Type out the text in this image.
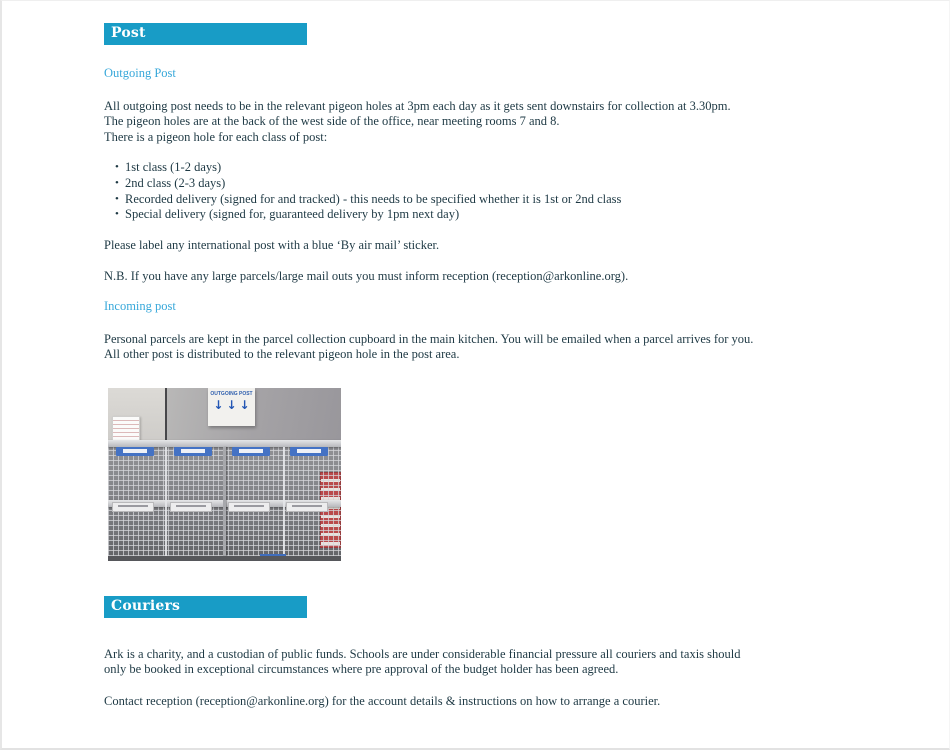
Post
Outgoing Post
All outgoing post needs to be in the relevant pigeon holes at 3pm each day as it gets sent downstairs for collection at 3.30pm.
The pigeon holes are at the back of the west side of the office, near meeting rooms 7 and 8.
There is a pigeon hole for each class of post:
• 1st class (1-2 days)
• 2nd class (2-3 days)
• Recorded delivery (signed for and tracked) - this needs to be specified whether it is 1st or 2nd class
• Special delivery (signed for, guaranteed delivery by 1pm next day)
Please label any international post with a blue ‘By air mail’ sticker.
N.B. If you have any large parcels/large mail outs you must inform reception (reception@arkonline.org).
Incoming post
Personal parcels are kept in the parcel collection cupboard in the main kitchen. You will be emailed when a parcel arrives for you.
All other post is distributed to the relevant pigeon hole in the post area.
OUTGOING POST
↓↓↓
Couriers
Ark is a charity, and a custodian of public funds. Schools are under considerable financial pressure all couriers and taxis should
only be booked in exceptional circumstances where pre approval of the budget holder has been agreed.
Contact reception (reception@arkonline.org) for the account details & instructions on how to arrange a courier.
